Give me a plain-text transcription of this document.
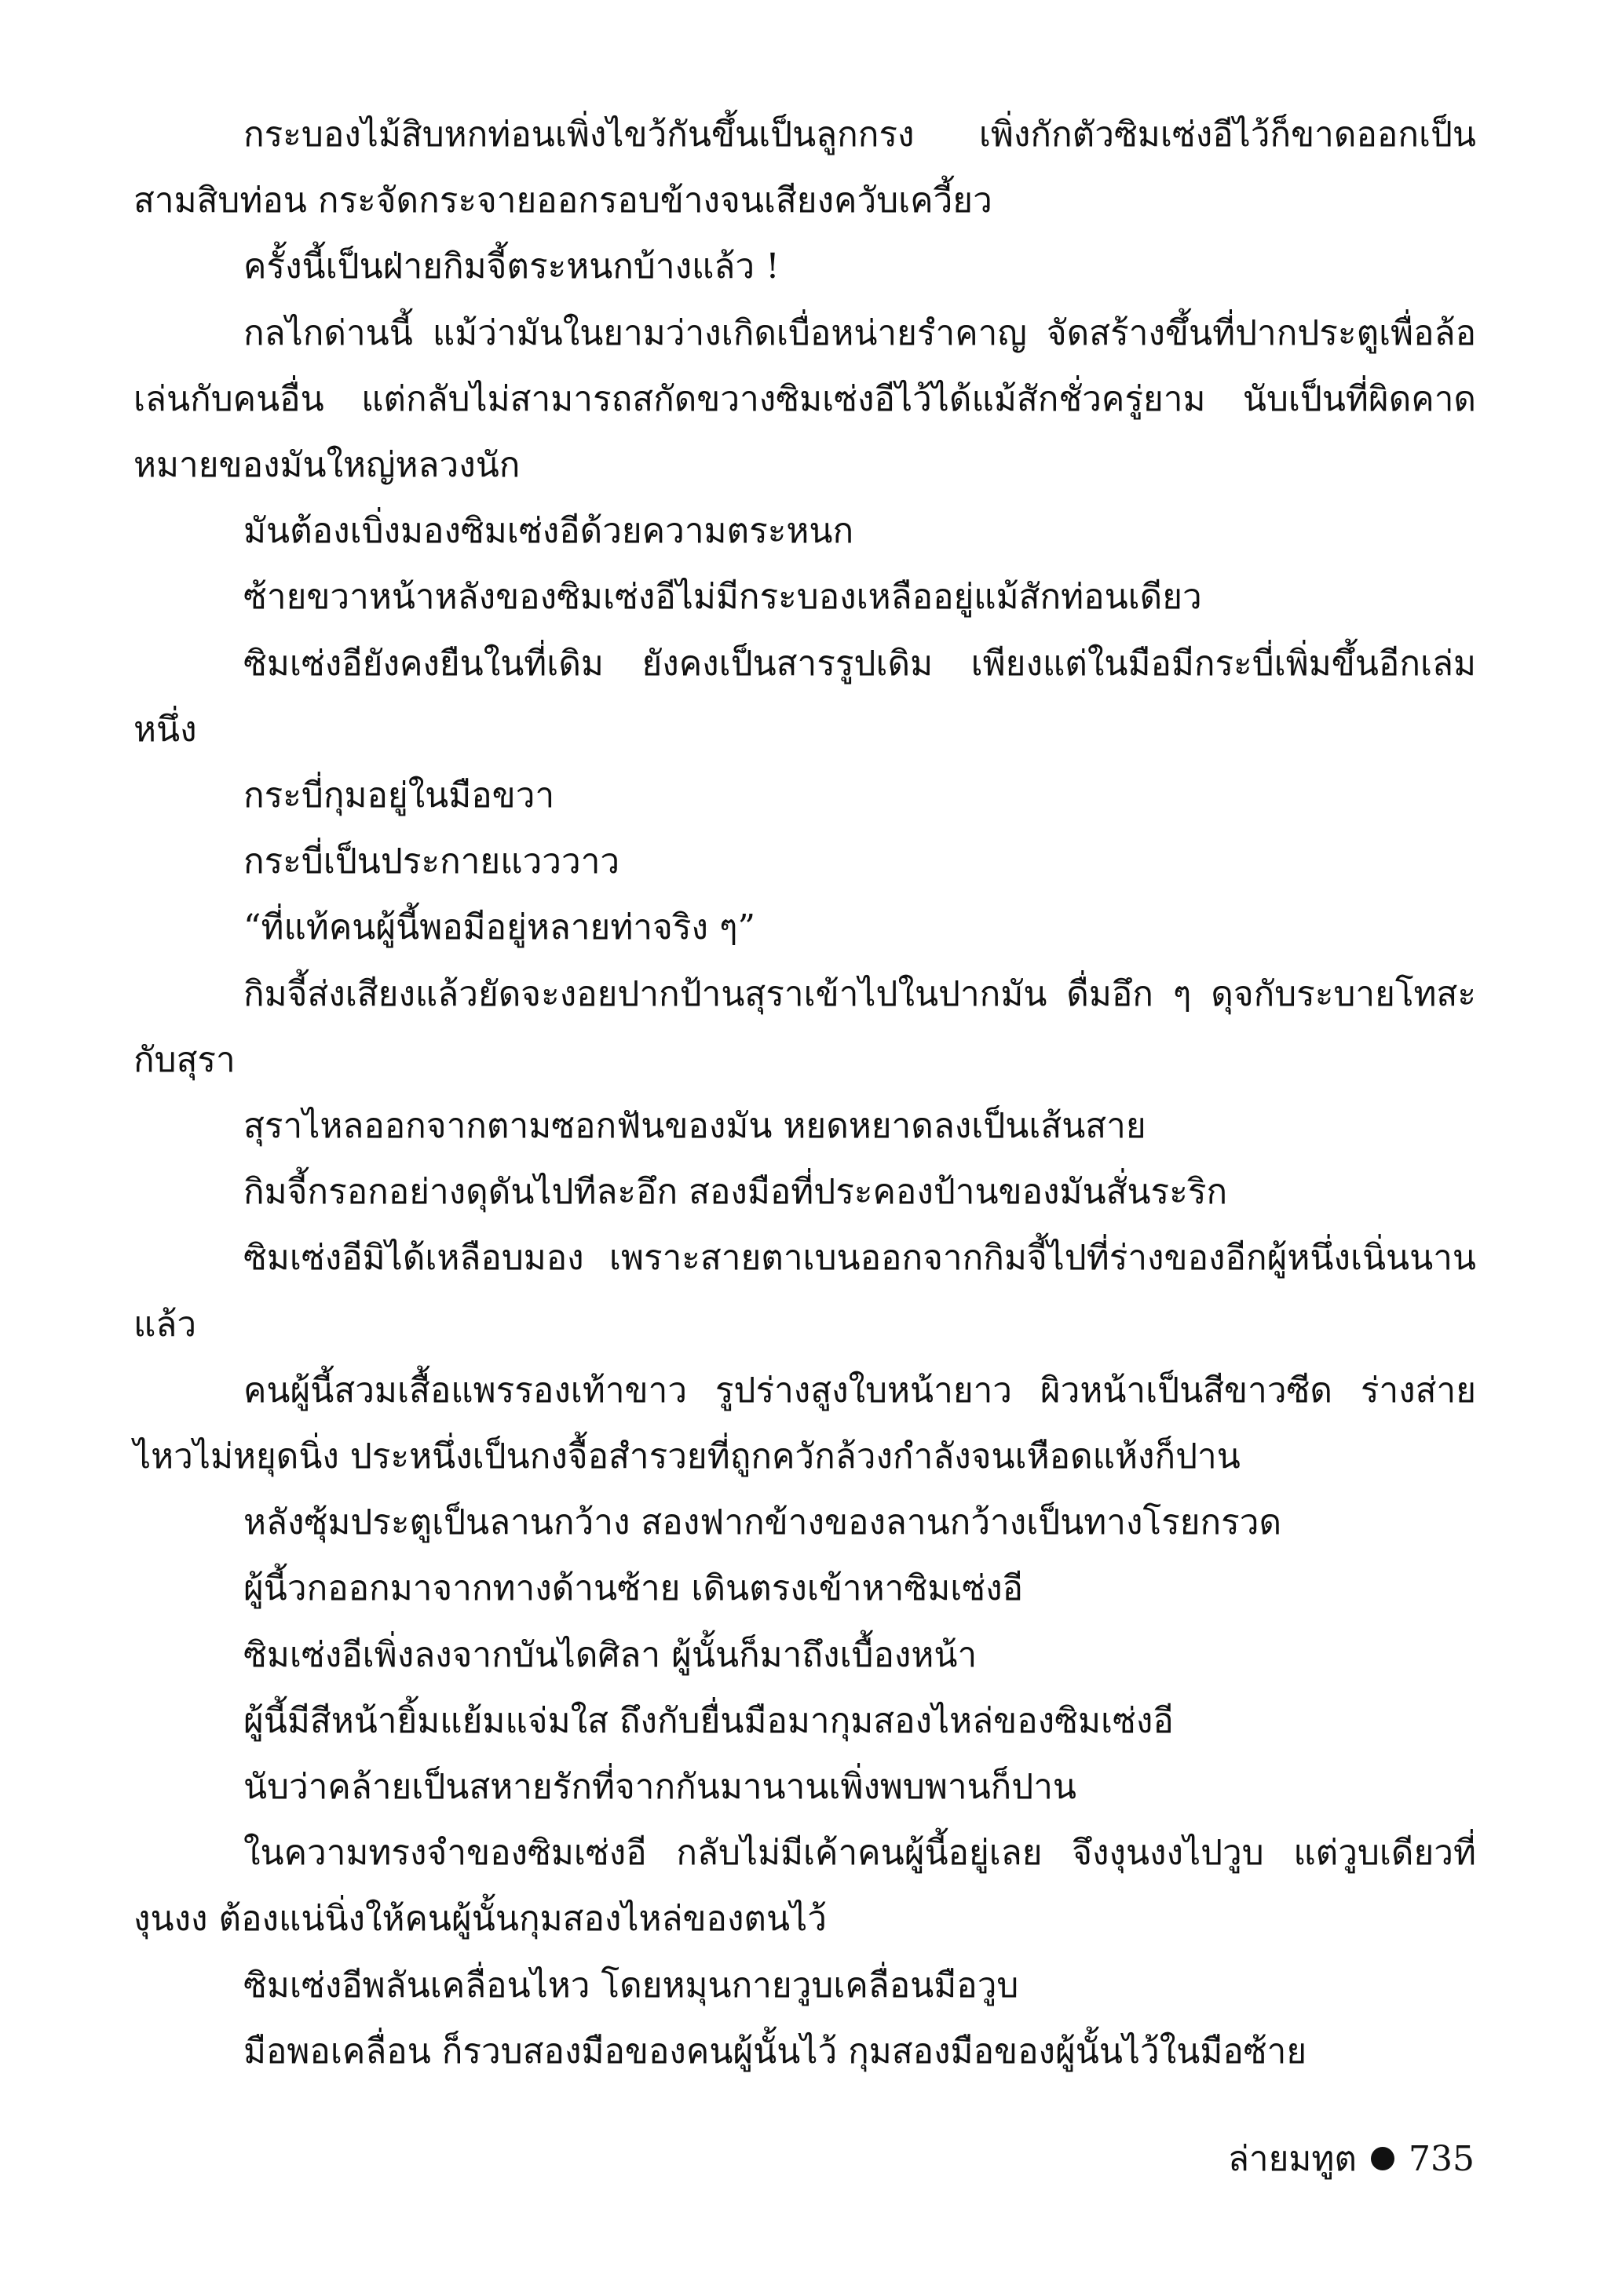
กระบองไม้สิบหกท่อนเพิ่งไขว้กันขึ้นเป็นลูกกรง เพิ่งกักตัวซิมเซ่งอีไว้ก็ขาดออกเป็นสามสิบท่อน กระจัดกระจายออกรอบข้างจนเสียงควับเควี้ยว

ครั้งนี้เป็นฝ่ายกิมจี้ตระหนกบ้างแล้ว !

กลไกด่านนี้ แม้ว่ามันในยามว่างเกิดเบื่อหน่ายรำคาญ จัดสร้างขึ้นที่ปากประตูเพื่อล้อเล่นกับคนอื่น แต่กลับไม่สามารถสกัดขวางซิมเซ่งอีไว้ได้แม้สักชั่วครู่ยาม นับเป็นที่ผิดคาดหมายของมันใหญ่หลวงนัก

มันต้องเบิ่งมองซิมเซ่งอีด้วยความตระหนก

ซ้ายขวาหน้าหลังของซิมเซ่งอีไม่มีกระบองเหลืออยู่แม้สักท่อนเดียว

ซิมเซ่งอียังคงยืนในที่เดิม ยังคงเป็นสารรูปเดิม เพียงแต่ในมือมีกระบี่เพิ่มขึ้นอีกเล่มหนึ่ง

กระบี่กุมอยู่ในมือขวา

กระบี่เป็นประกายแวววาว

“ที่แท้คนผู้นี้พอมีอยู่หลายท่าจริง ๆ”

กิมจี้ส่งเสียงแล้วยัดจะงอยปากป้านสุราเข้าไปในปากมัน ดื่มอึก ๆ ดุจกับระบายโทสะกับสุรา

สุราไหลออกจากตามซอกฟันของมัน หยดหยาดลงเป็นเส้นสาย

กิมจี้กรอกอย่างดุดันไปทีละอึก สองมือที่ประคองป้านของมันสั่นระริก

ซิมเซ่งอีมิได้เหลือบมอง เพราะสายตาเบนออกจากกิมจี้ไปที่ร่างของอีกผู้หนึ่งเนิ่นนานแล้ว

คนผู้นี้สวมเสื้อแพรรองเท้าขาว รูปร่างสูงใบหน้ายาว ผิวหน้าเป็นสีขาวซีด ร่างส่ายไหวไม่หยุดนิ่ง ประหนึ่งเป็นกงจื้อสำรวยที่ถูกควักล้วงกำลังจนเหือดแห้งก็ปาน

หลังซุ้มประตูเป็นลานกว้าง สองฟากข้างของลานกว้างเป็นทางโรยกรวด

ผู้นี้วกออกมาจากทางด้านซ้าย เดินตรงเข้าหาซิมเซ่งอี

ซิมเซ่งอีเพิ่งลงจากบันไดศิลา ผู้นั้นก็มาถึงเบื้องหน้า

ผู้นี้มีสีหน้ายิ้มแย้มแจ่มใส ถึงกับยื่นมือมากุมสองไหล่ของซิมเซ่งอี

นับว่าคล้ายเป็นสหายรักที่จากกันมานานเพิ่งพบพานก็ปาน

ในความทรงจำของซิมเซ่งอี กลับไม่มีเค้าคนผู้นี้อยู่เลย จึงงุนงงไปวูบ แต่วูบเดียวที่งุนงง ต้องแน่นิ่งให้คนผู้นั้นกุมสองไหล่ของตนไว้

ซิมเซ่งอีพลันเคลื่อนไหว โดยหมุนกายวูบเคลื่อนมือวูบ

มือพอเคลื่อน ก็รวบสองมือของคนผู้นั้นไว้ กุมสองมือของผู้นั้นไว้ในมือซ้าย

ล่ายมทูต 735
